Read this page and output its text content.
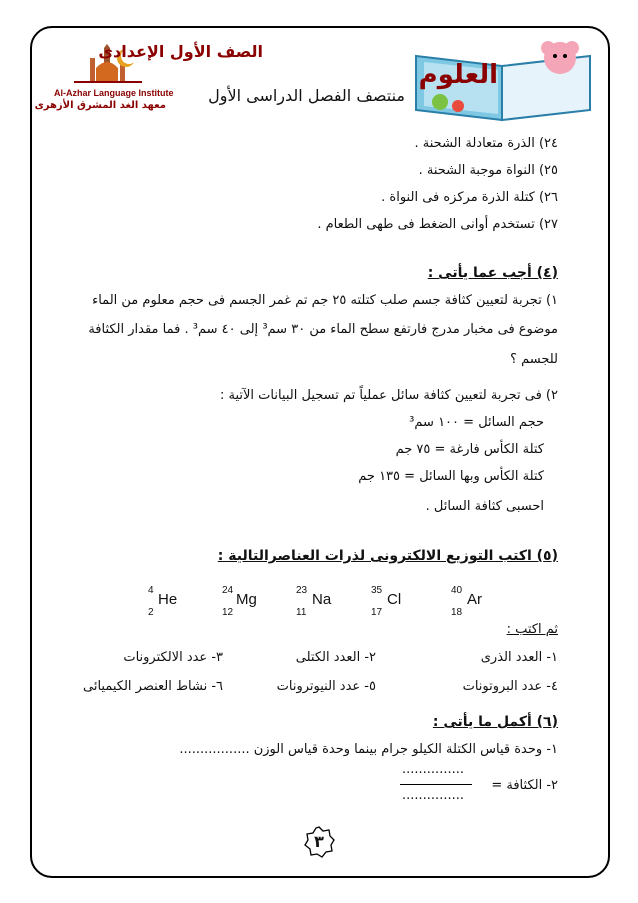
Al-Azhar Language Institute
معهد الغد المشرق الأزهرى
الصف الأول الإعدادى
منتصف الفصل الدراسى الأول
العلوم
٢٤) الذرة متعادلة الشحنة .
٢٥) النواة موجبة الشحنة .
٢٦) كتلة الذرة مركزه فى النواة .
٢٧) تستخدم أوانى الضغط فى طهى الطعام .
(٤) أجب عما يأتى :
١) تجربة لتعيين كثافة جسم صلب كتلته ٢٥ جم تم غمر الجسم فى حجم معلوم من الماء
موضوع فى مخبار مدرج فارتفع سطح الماء من ٣٠ سم³ إلى ٤٠ سم³ . فما مقدار الكثافة
للجسم ؟
٢) فى تجربة لتعيين كثافة سائل عملياً تم تسجيل البيانات الآتية :
حجم السائل = ١٠٠ سم³
كتلة الكأس فارغة = ٧٥ جم
كتلة الكأس وبها السائل = ١٣٥ جم
احسبى كثافة السائل .
(٥) اكتب التوزيع الالكترونى لذرات العناصرالتالية :
4
He
2
24
Mg
12
23
Na
11
35
Cl
17
40
Ar
18
ثم اكتب :
١- العدد الذرى
٢- العدد الكتلى
٣- عدد الالكترونات
٤- عدد البروتونات
٥- عدد النيوترونات
٦- نشاط العنصر الكيميائى
(٦) أكمل ما يأتى :
١- وحدة قياس الكتلة الكيلو جرام بينما وحدة قياس الوزن .................
٢- الكثافة =
...............
...............
٣
